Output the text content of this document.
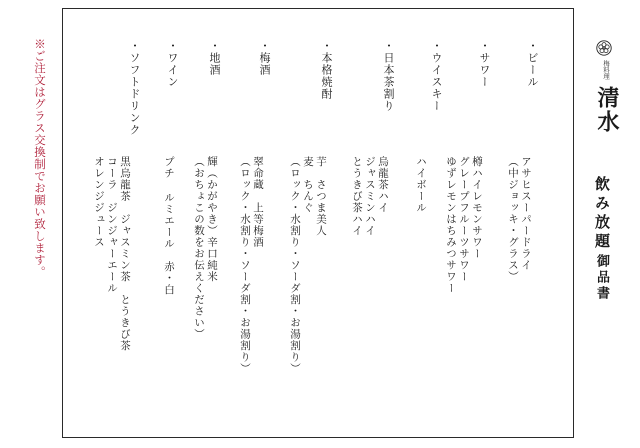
※ご注文はグラス交換制でお願い致します。	梅料理
清水
飲み放題
御品書
・ビール
アサヒスーパードライ
（中ジョッキ・グラス）
・サワー
樽ハイレモンサワー
グレープフルーツサワー
ゆずレモンはちみつサワー
・ウイスキー
ハイボール
・日本茶割り
烏龍茶ハイ
ジャスミンハイ
とうきび茶ハイ
・本格焼酎
芋　さつま美人
麦　ちんぐ
（ロック・水割り・ソーダ割・お湯割り）
・梅酒
翠命蔵　上等梅酒
（ロック・水割り・ソーダ割・お湯割り）
・地酒
輝（かがやき）辛口純米
（おちょこの数をお伝えください）
・ワイン
プチ ルミエール　赤・白
・ソフトドリンク
黒烏龍茶　ジャスミン茶　とうきび茶
コーラ　ジンジャーエール
オレンジジュース
